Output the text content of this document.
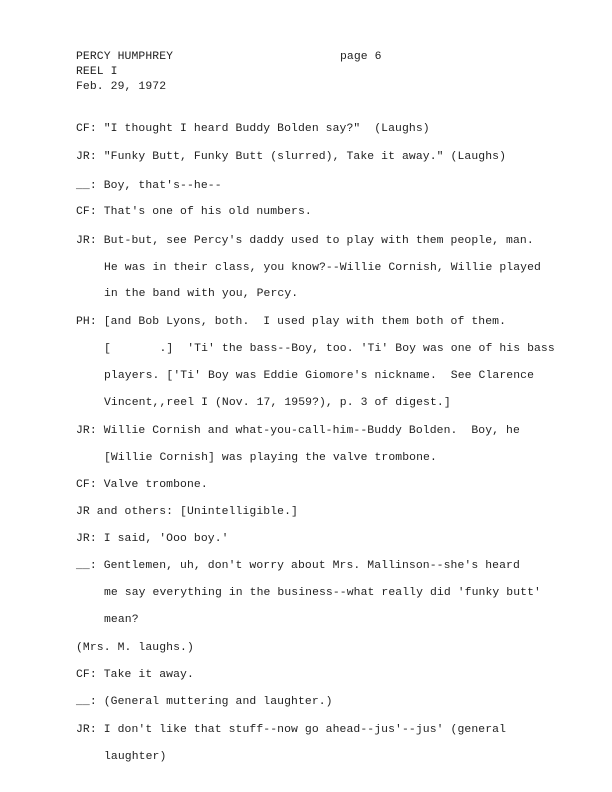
PERCY HUMPHREY	page 6
REEL I
Feb. 29, 1972
CF: "I thought I heard Buddy Bolden say?"  (Laughs)
JR: "Funky Butt, Funky Butt (slurred), Take it away." (Laughs)
__: Boy, that's--he--
CF: That's one of his old numbers.
JR: But-but, see Percy's daddy used to play with them people, man.
He was in their class, you know?--Willie Cornish, Willie played
in the band with you, Percy.
PH: [and Bob Lyons, both.  I used play with them both of them.
[       .]  'Ti' the bass--Boy, too. 'Ti' Boy was one of his bass
players. ['Ti' Boy was Eddie Giomore's nickname.  See Clarence
Vincent,,reel I (Nov. 17, 1959?), p. 3 of digest.]
JR: Willie Cornish and what-you-call-him--Buddy Bolden.  Boy, he
[Willie Cornish] was playing the valve trombone.
CF: Valve trombone.
JR and others: [Unintelligible.]
JR: I said, 'Ooo boy.'
__: Gentlemen, uh, don't worry about Mrs. Mallinson--she's heard
me say everything in the business--what really did 'funky butt'
mean?
(Mrs. M. laughs.)
CF: Take it away.
__: (General muttering and laughter.)
JR: I don't like that stuff--now go ahead--jus'--jus' (general
laughter)
